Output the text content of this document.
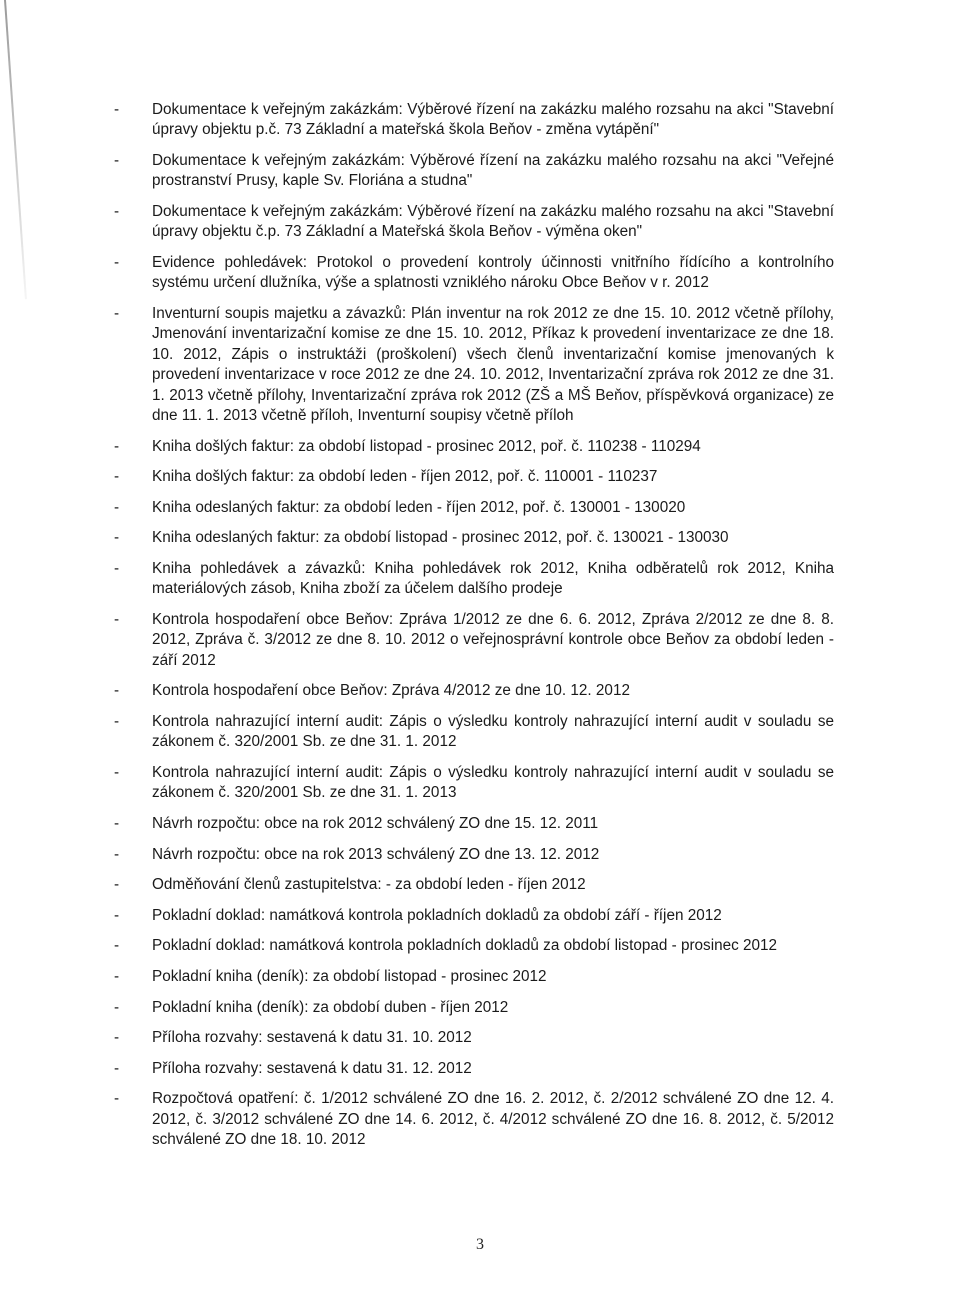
- Dokumentace k veřejným zakázkám: Výběrové řízení na zakázku malého rozsahu na akci "Stavební úpravy objektu p.č. 73 Základní a mateřská škola Beňov - změna vytápění"
- Dokumentace k veřejným zakázkám: Výběrové řízení na zakázku malého rozsahu na akci "Veřejné prostranství Prusy, kaple Sv. Floriána a studna"
- Dokumentace k veřejným zakázkám: Výběrové řízení na zakázku malého rozsahu na akci "Stavební úpravy objektu č.p. 73 Základní a Mateřská škola Beňov - výměna oken"
- Evidence pohledávek: Protokol o provedení kontroly účinnosti vnitřního řídícího a kontrolního systému určení dlužníka, výše a splatnosti vzniklého nároku Obce Beňov v r. 2012
- Inventurní soupis majetku a závazků: Plán inventur na rok 2012 ze dne 15. 10. 2012 včetně přílohy, Jmenování inventarizační komise ze dne 15. 10. 2012, Příkaz k provedení inventarizace ze dne 18. 10. 2012, Zápis o instruktáži (proškolení) všech členů inventarizační komise jmenovaných k provedení inventarizace v roce 2012 ze dne 24. 10. 2012, Inventarizační zpráva rok 2012 ze dne 31. 1. 2013 včetně přílohy, Inventarizační zpráva rok 2012 (ZŠ a MŠ Beňov, příspěvková organizace) ze dne 11. 1. 2013 včetně příloh, Inventurní soupisy včetně příloh
- Kniha došlých faktur: za období listopad - prosinec 2012, poř. č. 110238 - 110294
- Kniha došlých faktur: za období leden - říjen 2012, poř. č. 110001 - 110237
- Kniha odeslaných faktur: za období leden - říjen 2012, poř. č. 130001 - 130020
- Kniha odeslaných faktur: za období listopad - prosinec 2012, poř. č. 130021 - 130030
- Kniha pohledávek a závazků: Kniha pohledávek rok 2012, Kniha odběratelů rok 2012, Kniha materiálových zásob, Kniha zboží za účelem dalšího prodeje
- Kontrola hospodaření obce Beňov: Zpráva 1/2012 ze dne 6. 6. 2012, Zpráva 2/2012 ze dne 8. 8. 2012, Zpráva č. 3/2012 ze dne 8. 10. 2012 o veřejnosprávní kontrole obce Beňov za období leden - září 2012
- Kontrola hospodaření obce Beňov: Zpráva 4/2012 ze dne 10. 12. 2012
- Kontrola nahrazující interní audit: Zápis o výsledku kontroly nahrazující interní audit v souladu se zákonem č. 320/2001 Sb. ze dne 31. 1. 2012
- Kontrola nahrazující interní audit: Zápis o výsledku kontroly nahrazující interní audit v souladu se zákonem č. 320/2001 Sb. ze dne 31. 1. 2013
- Návrh rozpočtu: obce na rok 2012 schválený ZO dne 15. 12. 2011
- Návrh rozpočtu: obce na rok 2013 schválený ZO dne 13. 12. 2012
- Odměňování členů zastupitelstva: - za období leden - říjen 2012
- Pokladní doklad: namátková kontrola pokladních dokladů za období září - říjen 2012
- Pokladní doklad: namátková kontrola pokladních dokladů za období listopad - prosinec 2012
- Pokladní kniha (deník): za období listopad - prosinec 2012
- Pokladní kniha (deník): za období duben - říjen 2012
- Příloha rozvahy: sestavená k datu 31. 10. 2012
- Příloha rozvahy: sestavená k datu 31. 12. 2012
- Rozpočtová opatření: č. 1/2012 schválené ZO dne 16. 2. 2012, č. 2/2012 schválené ZO dne 12. 4. 2012, č. 3/2012 schválené ZO dne 14. 6. 2012, č. 4/2012 schválené ZO dne 16. 8. 2012, č. 5/2012 schválené ZO dne 18. 10. 2012
3
